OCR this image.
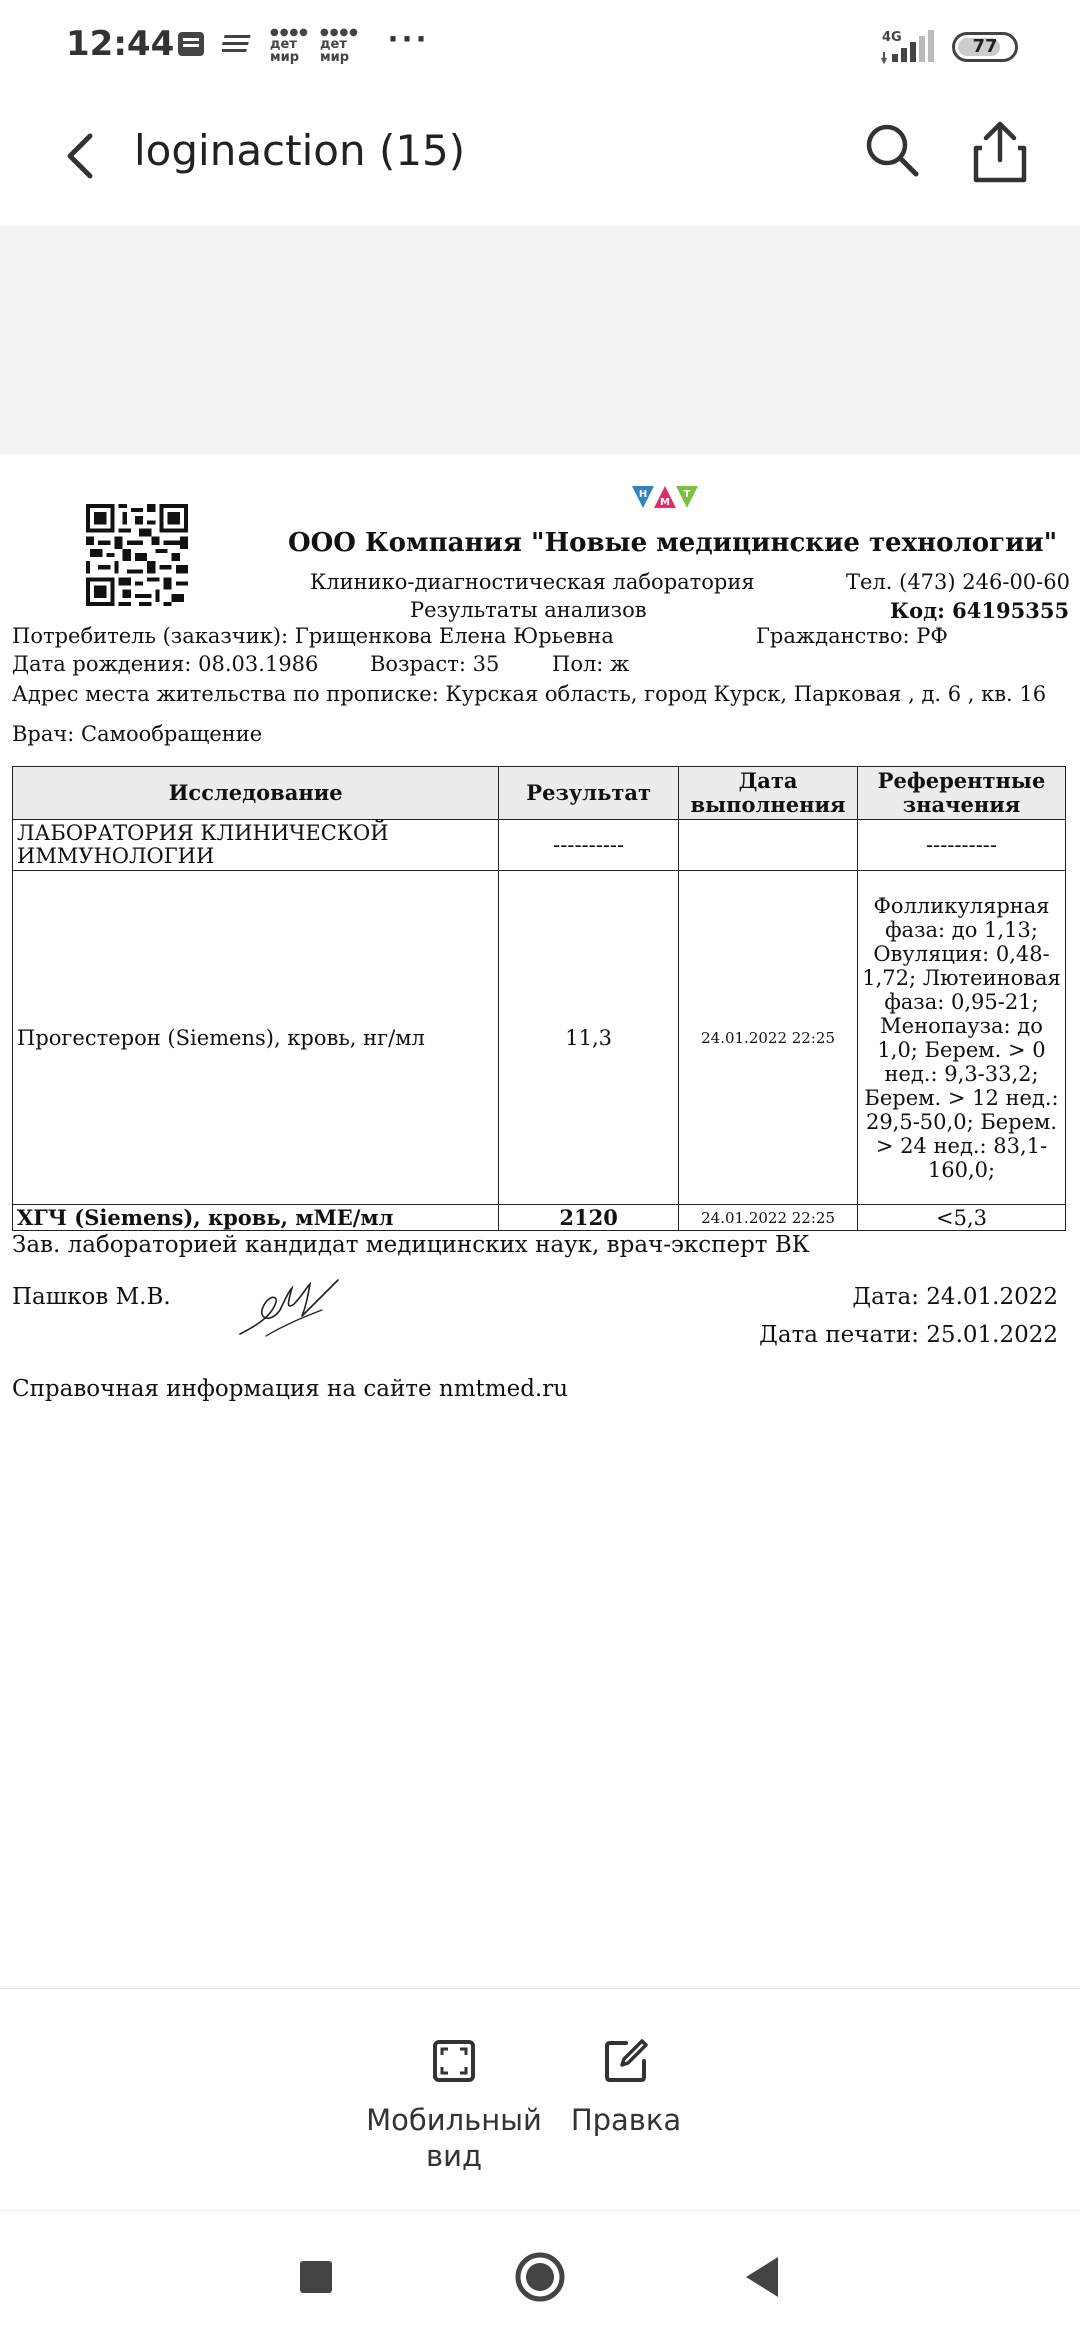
12:44	●●●●
дет
мир
●●●●
дет
мир	···	4G	77
loginaction (15)
Н
М
Т
ООО Компания "Новые медицинские технологии"
Клинико-диагностическая лаборатория	Тел. (473) 246-00-60
Результаты анализов	Код: 64195355
Потребитель (заказчик): Грищенкова Елена Юрьевна	Гражданство: РФ
Дата рождения: 08.03.1986 Возраст: 35	Пол: ж
Адрес места жительства по прописке: Курская область, город Курск, Парковая , д. 6 , кв. 16
Врач: Самообращение
Исследование	Результат	Дата выполнения	Референтные значения
ЛАБОРАТОРИЯ КЛИНИЧЕСКОЙ ИММУНОЛОГИИ	----------		----------
Прогестерон (Siemens), кровь, нг/мл	11,3	24.01.2022 22:25	Фолликулярная фаза: до 1,13; Овуляция: 0,48-1,72; Лютеиновая фаза: 0,95-21; Менопауза: до 1,0; Берем. > 0 нед.: 9,3-33,2; Берем. > 12 нед.: 29,5-50,0; Берем. > 24 нед.: 83,1-160,0;
ХГЧ (Siemens), кровь, мМЕ/мл	2120	24.01.2022 22:25	<5,3
Зав. лабораторией кандидат медицинских наук, врач-эксперт ВК
Пашков М.В.	Дата: 24.01.2022
Дата печати: 25.01.2022
Справочная информация на сайте nmtmed.ru
Мобильный вид
Правка
